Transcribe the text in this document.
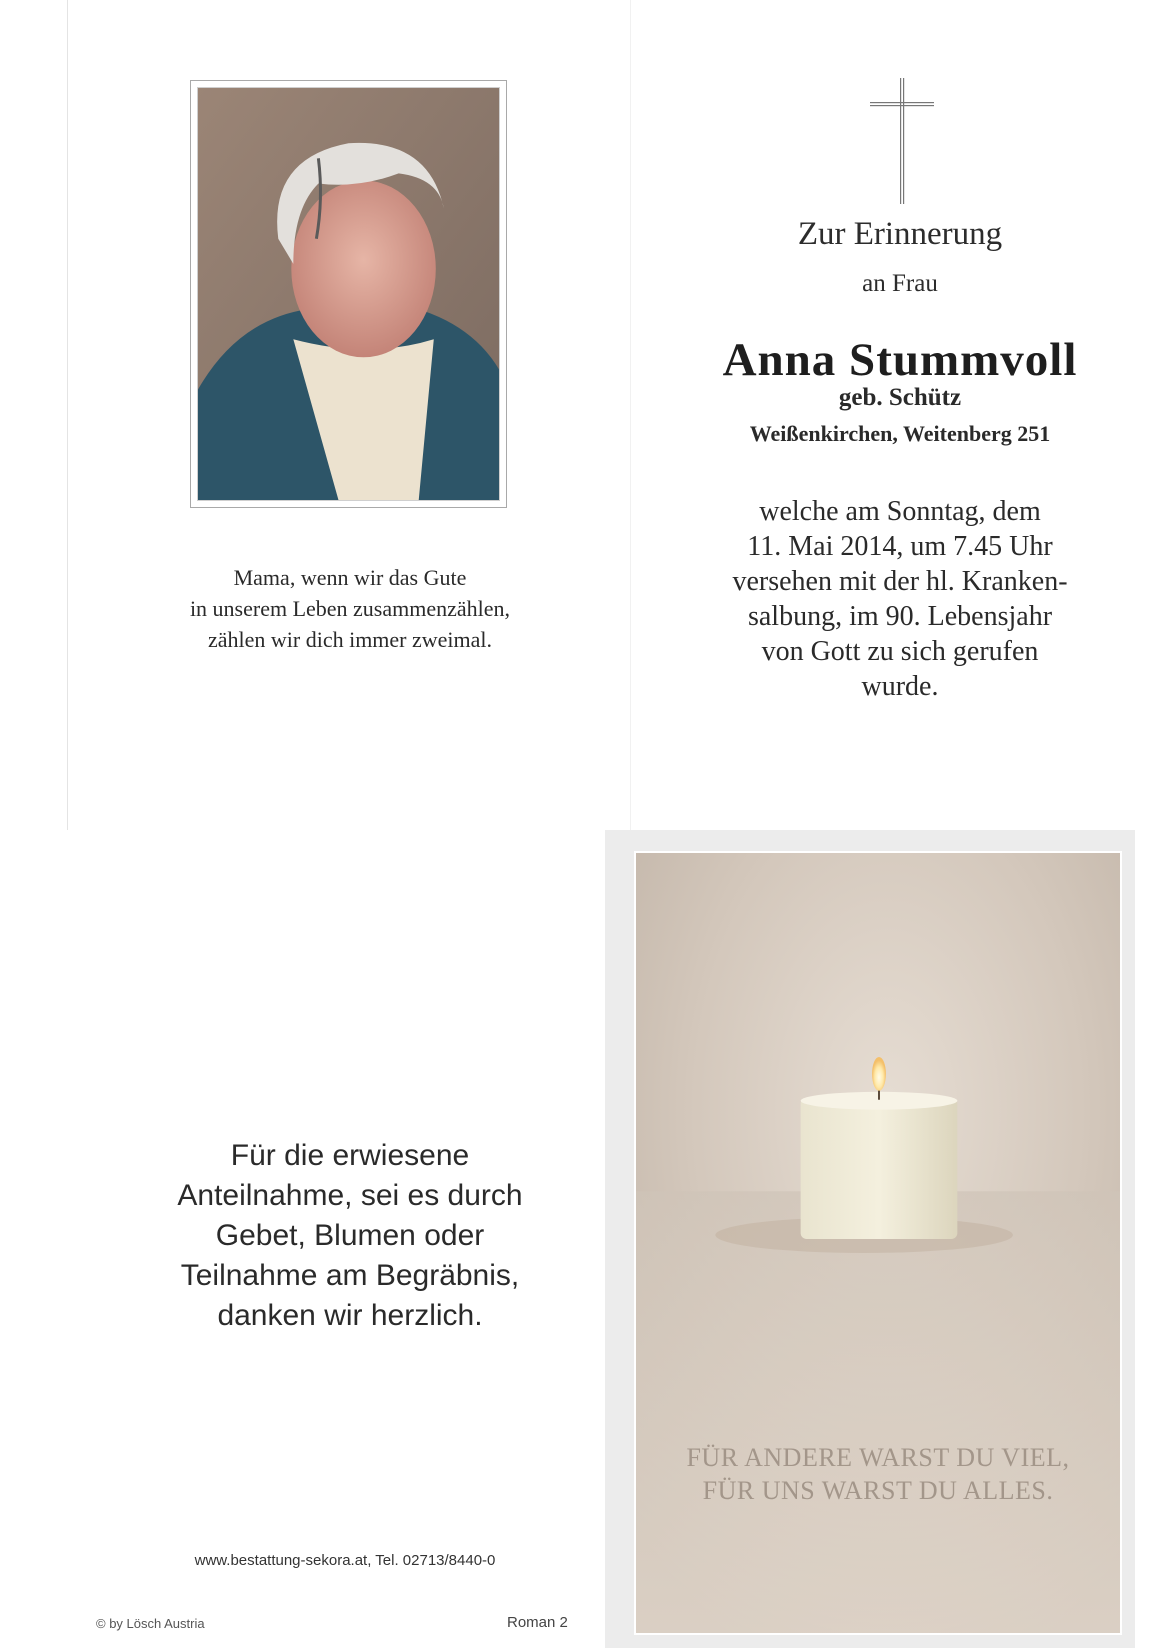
Mama, wenn wir das Gute
in unserem Leben zusammenzählen,
zählen wir dich immer zweimal.
Zur Erinnerung
an Frau
Anna Stummvoll
geb. Schütz
Weißenkirchen, Weitenberg 251
welche am Sonntag, dem
11. Mai 2014, um 7.45 Uhr
versehen mit der hl. Kranken-
salbung, im 90. Lebensjahr
von Gott zu sich gerufen
wurde.
Für die erwiesene
Anteilnahme, sei es durch
Gebet, Blumen oder
Teilnahme am Begräbnis,
danken wir herzlich.
www.bestattung-sekora.at, Tel. 02713/8440-0
© by Lösch Austria	Roman 2
FÜR ANDERE WARST DU VIEL,
FÜR UNS WARST DU ALLES.
